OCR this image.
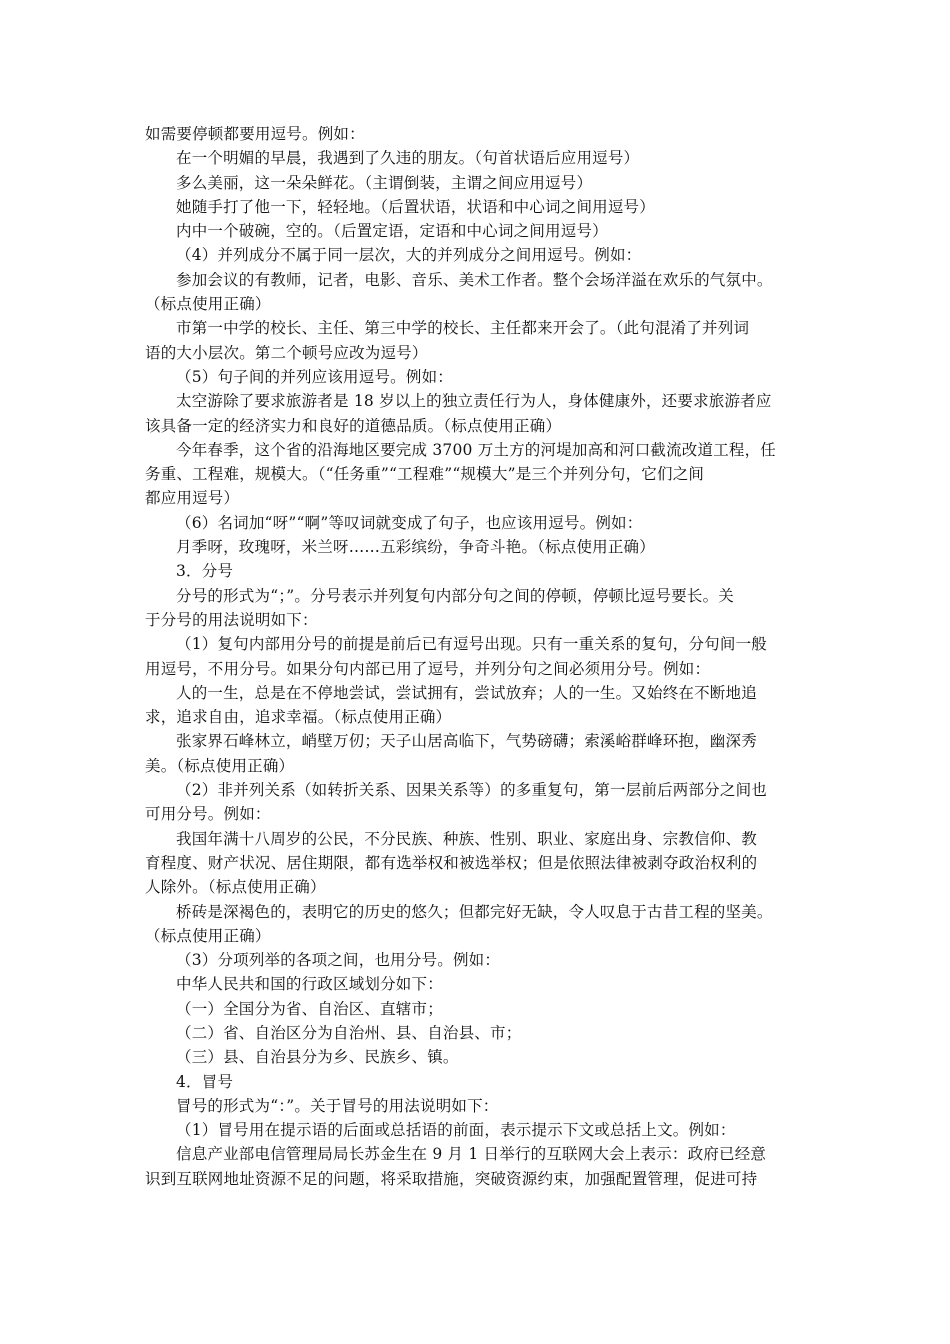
如需要停顿都要用逗号。例如：
在一个明媚的早晨，我遇到了久违的朋友。（句首状语后应用逗号）
多么美丽，这一朵朵鲜花。（主谓倒装，主谓之间应用逗号）
她随手打了他一下，轻轻地。（后置状语，状语和中心词之间用逗号）
内中一个破碗，空的。（后置定语，定语和中心词之间用逗号）
（4）并列成分不属于同一层次，大的并列成分之间用逗号。例如：
参加会议的有教师，记者，电影、音乐、美术工作者。整个会场洋溢在欢乐的气氛中。
（标点使用正确）
市第一中学的校长、主任、第三中学的校长、主任都来开会了。（此句混淆了并列词
语的大小层次。第二个顿号应改为逗号）
（5）句子间的并列应该用逗号。例如：
太空游除了要求旅游者是 18 岁以上的独立责任行为人，身体健康外，还要求旅游者应
该具备一定的经济实力和良好的道德品质。（标点使用正确）
今年春季，这个省的沿海地区要完成 3700 万土方的河堤加高和河口截流改道工程，任
务重、工程难，规模大。（“任务重”“工程难”“规模大”是三个并列分句，它们之间
都应用逗号）
（6）名词加“呀”“啊”等叹词就变成了句子，也应该用逗号。例如：
月季呀，玫瑰呀，米兰呀……五彩缤纷，争奇斗艳。（标点使用正确）
3．分号
分号的形式为“；”。分号表示并列复句内部分句之间的停顿，停顿比逗号要长。关
于分号的用法说明如下：
（1）复句内部用分号的前提是前后已有逗号出现。只有一重关系的复句，分句间一般
用逗号，不用分号。如果分句内部已用了逗号，并列分句之间必须用分号。例如：
人的一生，总是在不停地尝试，尝试拥有，尝试放弃；人的一生。又始终在不断地追
求，追求自由，追求幸福。（标点使用正确）
张家界石峰林立，峭壁万仞；天子山居高临下，气势磅礴；索溪峪群峰环抱，幽深秀
美。（标点使用正确）
（2）非并列关系（如转折关系、因果关系等）的多重复句，第一层前后两部分之间也
可用分号。例如：
我国年满十八周岁的公民，不分民族、种族、性别、职业、家庭出身、宗教信仰、教
育程度、财产状况、居住期限，都有选举权和被选举权；但是依照法律被剥夺政治权利的
人除外。（标点使用正确）
桥砖是深褐色的，表明它的历史的悠久；但都完好无缺，令人叹息于古昔工程的坚美。
（标点使用正确）
（3）分项列举的各项之间，也用分号。例如：
中华人民共和国的行政区域划分如下：
（一）全国分为省、自治区、直辖市；
（二）省、自治区分为自治州、县、自治县、市；
（三）县、自治县分为乡、民族乡、镇。
4．冒号
冒号的形式为“：”。关于冒号的用法说明如下：
（1）冒号用在提示语的后面或总括语的前面，表示提示下文或总括上文。例如：
信息产业部电信管理局局长苏金生在 9 月 1 日举行的互联网大会上表示：政府已经意
识到互联网地址资源不足的问题，将采取措施，突破资源约束，加强配置管理，促进可持
